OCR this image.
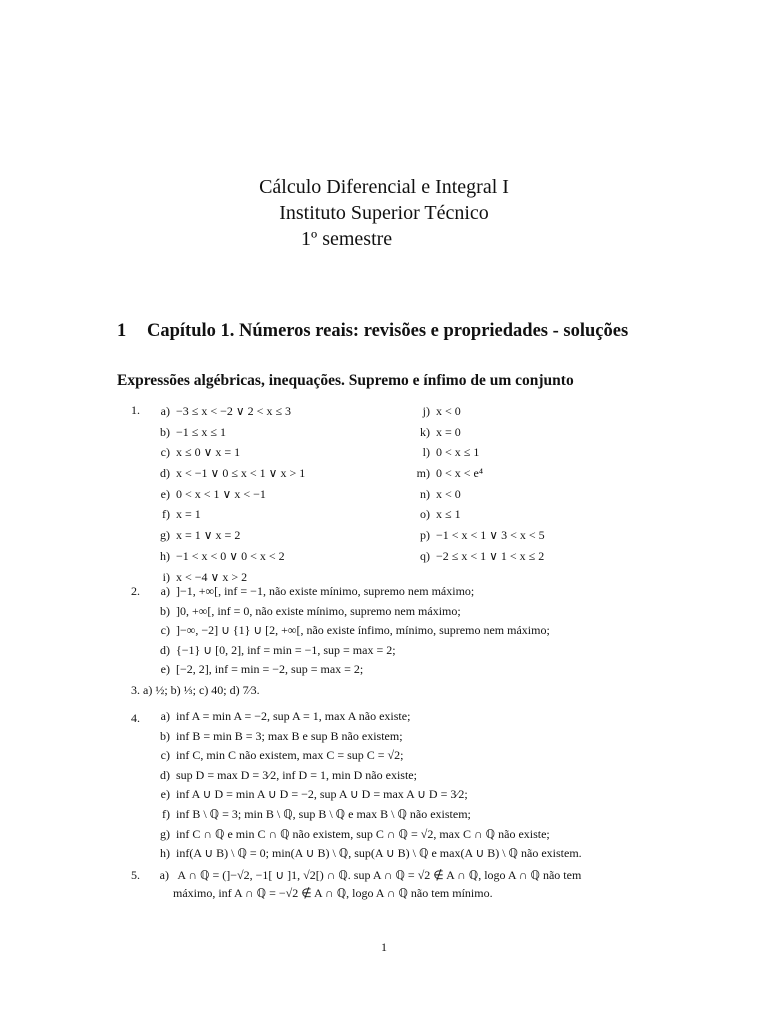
Cálculo Diferencial e Integral I
Instituto Superior Técnico
1º semestre
1	Capítulo 1. Números reais: revisões e propriedades - soluções
Expressões algébricas, inequações. Supremo e ínfimo de um conjunto
1.	a) −3 ≤ x < −2 ∨ 2 < x ≤ 3
b) −1 ≤ x ≤ 1
c) x ≤ 0 ∨ x = 1
d) x < −1 ∨ 0 ≤ x < 1 ∨ x > 1
e) 0 < x < 1 ∨ x < −1
f) x = 1
g) x = 1 ∨ x = 2
h) −1 < x < 0 ∨ 0 < x < 2
i) x < −4 ∨ x > 2
j) x < 0
k) x = 0
l) 0 < x ≤ 1
m) 0 < x < e⁴
n) x < 0
o) x ≤ 1
p) −1 < x < 1 ∨ 3 < x < 5
q) −2 ≤ x < 1 ∨ 1 < x ≤ 2
2.	a) ]−1, +∞[, inf = −1, não existe mínimo, supremo nem máximo;
b) ]0, +∞[, inf = 0, não existe mínimo, supremo nem máximo;
c) ]−∞, −2] ∪ {1} ∪ [2, +∞[, não existe ínfimo, mínimo, supremo nem máximo;
d) {−1} ∪ [0, 2], inf = min = −1, sup = max = 2;
e) [−2, 2], inf = min = −2, sup = max = 2;
3. a) ½; b) ⅓; c) 40; d) 7⁄3.
4.	a) inf A = min A = −2, sup A = 1, max A não existe;
b) inf B = min B = 3; max B e sup B não existem;
c) inf C, min C não existem, max C = sup C = √2;
d) sup D = max D = 3⁄2, inf D = 1, min D não existe;
e) inf A ∪ D = min A ∪ D = −2, sup A ∪ D = max A ∪ D = 3⁄2;
f) inf B \ ℚ = 3; min B \ ℚ, sup B \ ℚ e max B \ ℚ não existem;
g) inf C ∩ ℚ e min C ∩ ℚ não existem, sup C ∩ ℚ = √2, max C ∩ ℚ não existe;
h) inf(A ∪ B) \ ℚ = 0; min(A ∪ B) \ ℚ, sup(A ∪ B) \ ℚ e max(A ∪ B) \ ℚ não existem.
5.	a) A ∩ ℚ = (]−√2, −1[ ∪ ]1, √2[) ∩ ℚ. sup A ∩ ℚ = √2 ∉ A ∩ ℚ, logo A ∩ ℚ não tem
máximo, inf A ∩ ℚ = −√2 ∉ A ∩ ℚ, logo A ∩ ℚ não tem mínimo.
1
